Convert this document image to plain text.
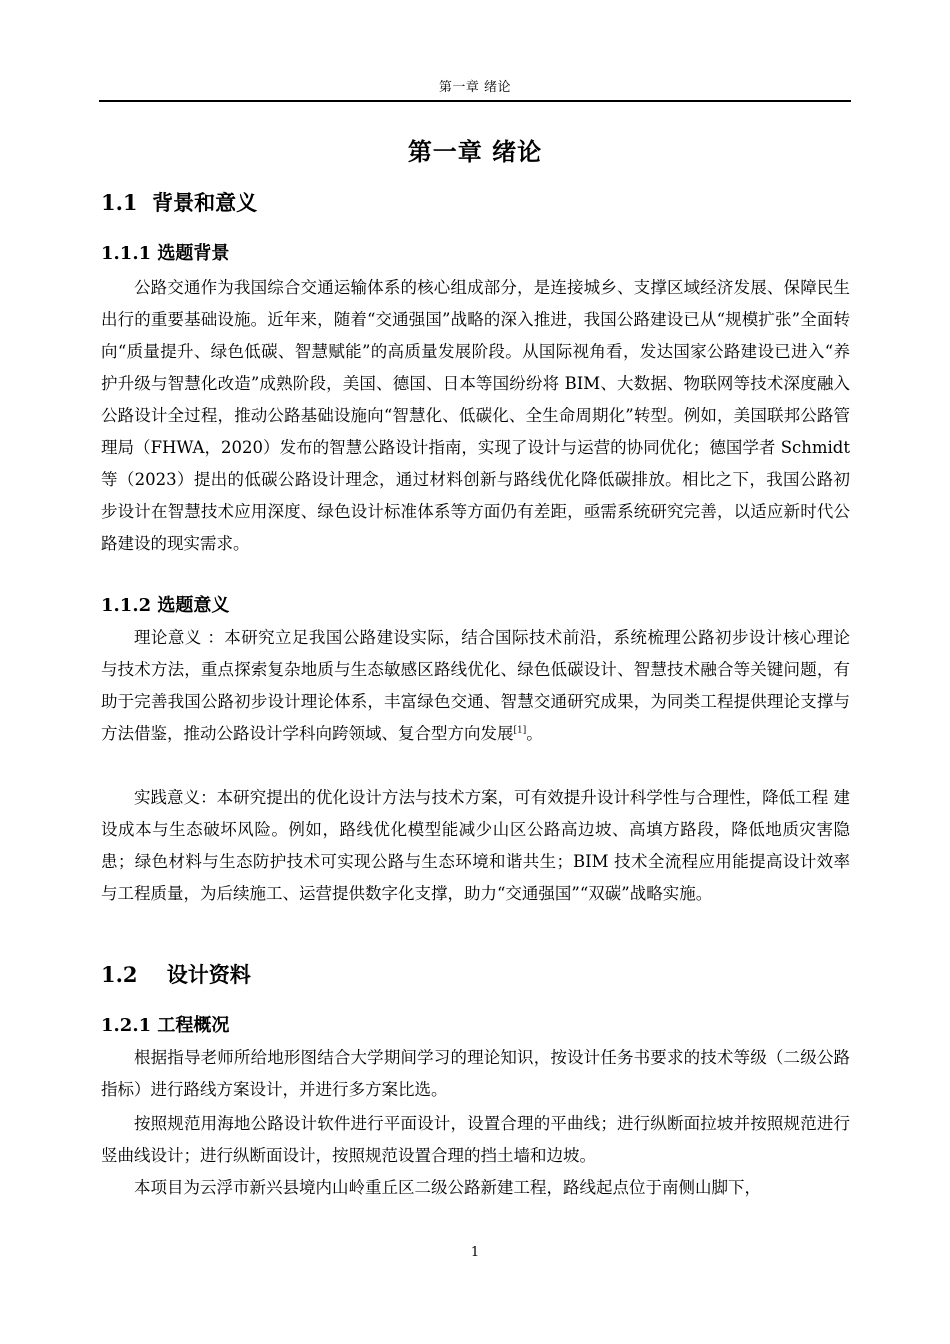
第一章 绪论
第一章 绪论
1.1  背景和意义
1.1.1 选题背景

公路交通作为我国综合交通运输体系的核心组成部分，是连接城乡、支撑区域经济发展、保障民生出行的重要基础设施。近年来，随着“交通强国”战略的深入推进，我国公路建设已从“规模扩张”全面转向“质量提升、绿色低碳、智慧赋能”的高质量发展阶段。从国际视角看，发达国家公路建设已进入“养护升级与智慧化改造”成熟阶段，美国、德国、日本等国纷纷将 BIM、大数据、物联网等技术深度融入公路设计全过程，推动公路基础设施向“智慧化、低碳化、全生命周期化”转型。例如，美国联邦公路管理局（FHWA，2020）发布的智慧公路设计指南，实现了设计与运营的协同优化；德国学者 Schmidt 等（2023）提出的低碳公路设计理念，通过材料创新与路线优化降低碳排放。相比之下，我国公路初步设计在智慧技术应用深度、绿色设计标准体系等方面仍有差距，亟需系统研究完善，以适应新时代公路建设的现实需求。

1.1.2 选题意义

理论意义 ：本研究立足我国公路建设实际，结合国际技术前沿，系统梳理公路初步设计核心理论 与技术方法，重点探索复杂地质与生态敏感区路线优化、绿色低碳设计、智慧技术融合等关键问题，有助于完善我国公路初步设计理论体系，丰富绿色交通、智慧交通研究成果，为同类工程提供理论支撑与方法借鉴，推动公路设计学科向跨领域、复合型方向发展[1]。

实践意义：本研究提出的优化设计方法与技术方案，可有效提升设计科学性与合理性，降低工程 建设成本与生态破坏风险。例如，路线优化模型能减少山区公路高边坡、高填方路段，降低地质灾害隐患；绿色材料与生态防护技术可实现公路与生态环境和谐共生；BIM 技术全流程应用能提高设计效率与工程质量，为后续施工、运营提供数字化支撑，助力“交通强国”“双碳”战略实施。

1.2    设计资料
1.2.1 工程概况

根据指导老师所给地形图结合大学期间学习的理论知识，按设计任务书要求的技术等级（二级公路指标）进行路线方案设计，并进行多方案比选。

按照规范用海地公路设计软件进行平面设计，设置合理的平曲线；进行纵断面拉坡并按照规范进行竖曲线设计；进行纵断面设计，按照规范设置合理的挡土墙和边坡。

本项目为云浮市新兴县境内山岭重丘区二级公路新建工程，路线起点位于南侧山脚下，

1
